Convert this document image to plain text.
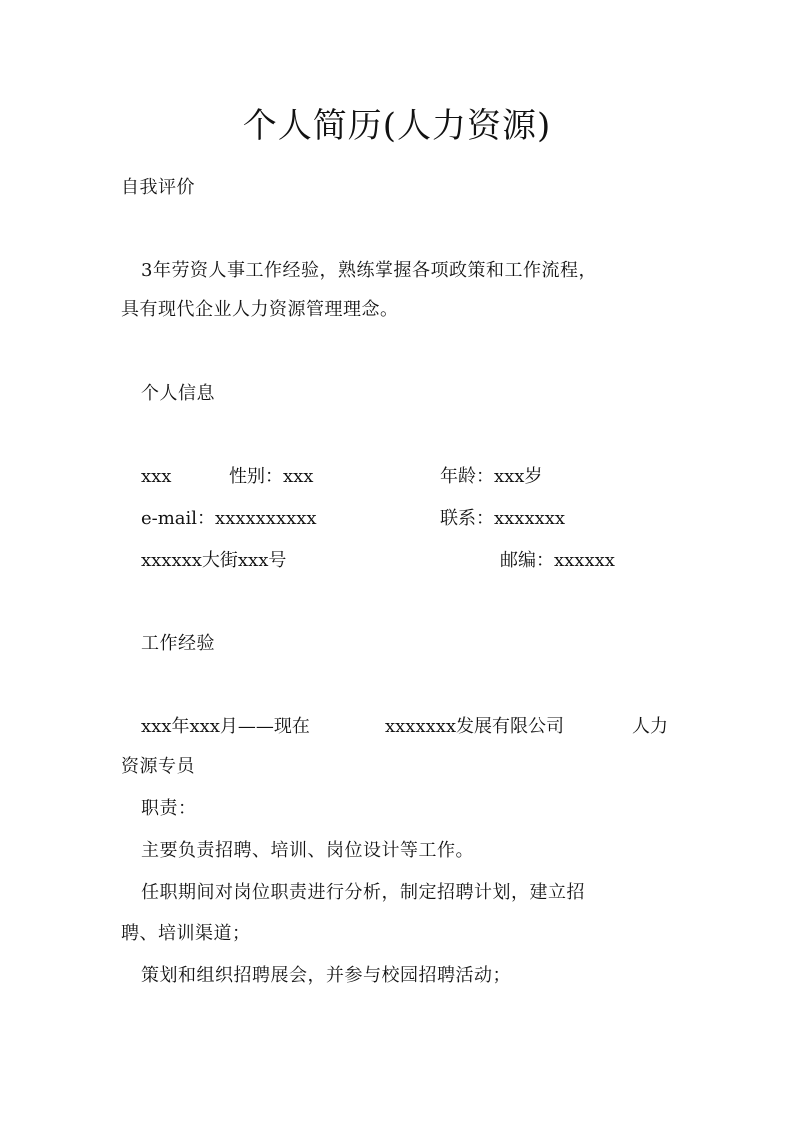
个人简历(人力资源)
自我评价
3年劳资人事工作经验，熟练掌握各项政策和工作流程，
具有现代企业人力资源管理理念。
个人信息
xxx	性别：xxx	年龄：xxx岁
e-mail：xxxxxxxxxx	联系：xxxxxxx
xxxxxx大街xxx号	邮编：xxxxxx
工作经验
xxx年xxx月——现在	xxxxxxx发展有限公司	人力
资源专员
职责：
主要负责招聘、培训、岗位设计等工作。
任职期间对岗位职责进行分析，制定招聘计划，建立招
聘、培训渠道；
策划和组织招聘展会，并参与校园招聘活动；
